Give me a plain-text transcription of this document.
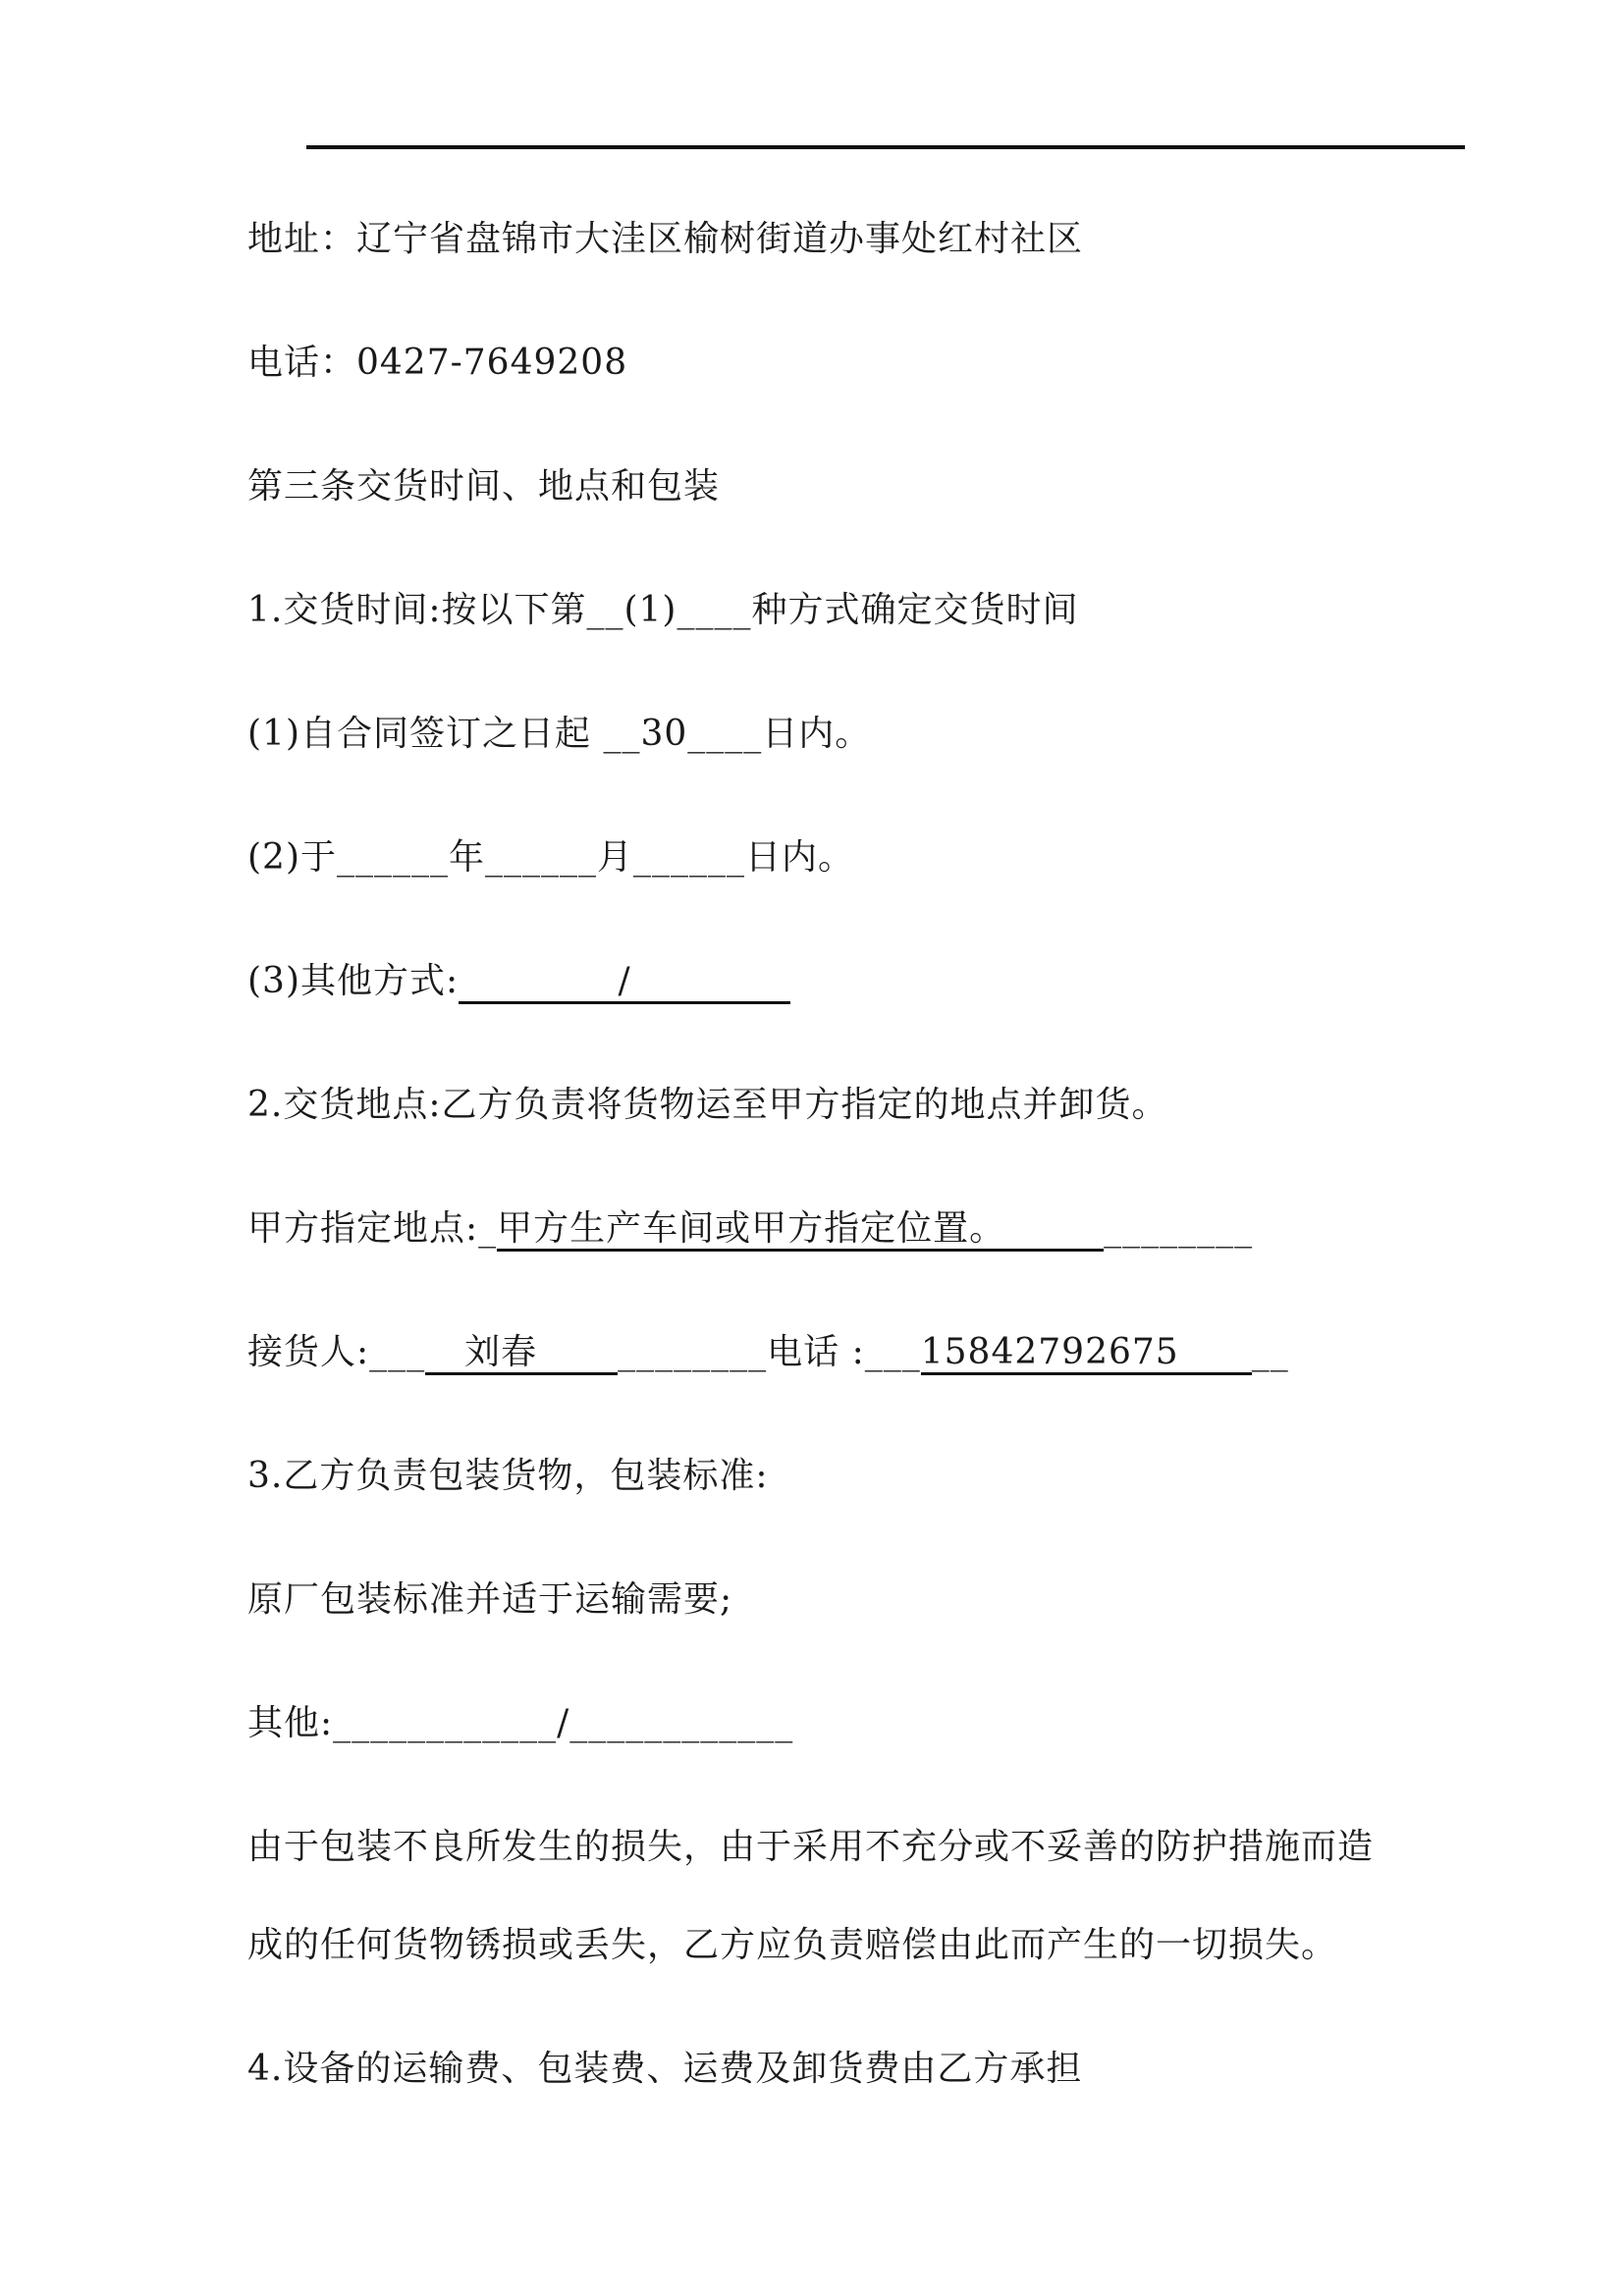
地址：辽宁省盘锦市大洼区榆树街道办事处红村社区
电话：0427-7649208
第三条交货时间、地点和包装
1.交货时间:按以下第__(1)____种方式确定交货时间
(1)自合同签订之日起 __30____日内。
(2)于______年______月______日内。
(3)其他方式:	/
2.交货地点:乙方负责将货物运至甲方指定的地点并卸货。
甲方指定地点:_甲方生产车间或甲方指定位置。	________
接货人:___ 刘春 ________电话 :___15842792675 __
3.乙方负责包装货物，包装标准:
原厂包装标准并适于运输需要;
其他:____________/____________
由于包装不良所发生的损失，由于采用不充分或不妥善的防护措施而造
成的任何货物锈损或丢失，乙方应负责赔偿由此而产生的一切损失。
4.设备的运输费、包装费、运费及卸货费由乙方承担
